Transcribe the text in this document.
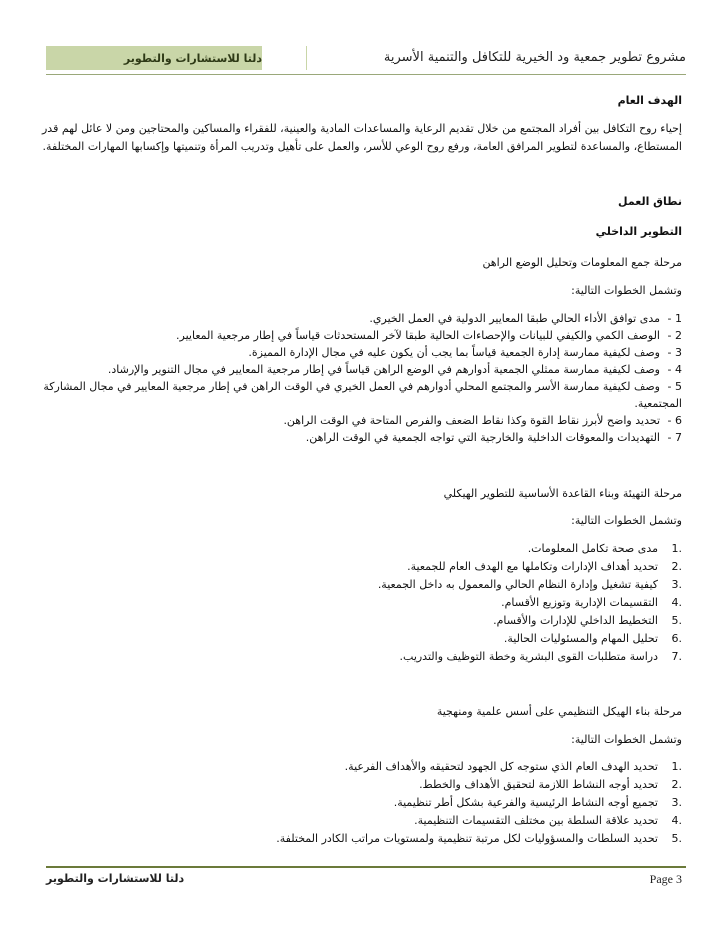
دلتا للاستشارات والتطوير	مشروع تطوير جمعية ود الخيرية للتكافل والتنمية الأسرية
الهدف العام
إحياء روح التكافل بين أفراد المجتمع من خلال تقديم الرعاية والمساعدات المادية والعينية، للفقراء والمساكين والمحتاجين ومن لا عائل لهم قدر المستطاع، والمساعدة لتطوير المرافق العامة، ورفع روح الوعي للأسر، والعمل على تأهيل وتدريب المرأة وتنميتها وإكسابها المهارات المختلفة.
نطاق العمل
التطوير الداخلي
مرحلة جمع المعلومات وتحليل الوضع الراهن
وتشمل الخطوات التالية:
1 -مدى توافق الأداء الحالي طبقا المعايير الدولية في العمل الخيري.
2 -الوصف الكمي والكيفي للبيانات والإحصاءات الحالية طبقا لآخر المستحدثات قياساً في إطار مرجعية المعايير.
3 -وصف لكيفية ممارسة إدارة الجمعية قياساً بما يجب أن يكون عليه في مجال الإدارة المميزة.
4 -وصف لكيفية ممارسة ممثلي الجمعية أدوارهم في الوضع الراهن قياساً في إطار مرجعية المعايير في مجال التنوير والإرشاد.
5 -وصف لكيفية ممارسة الأسر والمجتمع المحلي أدوارهم في العمل الخيري في الوقت الراهن في إطار مرجعية المعايير في مجال المشاركة
المجتمعية.
6 -تحديد واضح لأبرز نقاط القوة وكذا نقاط الضعف والفرص المتاحة في الوقت الراهن.
7 -التهديدات والمعوقات الداخلية والخارجية التي تواجه الجمعية في الوقت الراهن.
مرحلة التهيئة وبناء القاعدة الأساسية للتطوير الهيكلي
وتشمل الخطوات التالية:
.1مدى صحة تكامل المعلومات.
.2تحديد أهداف الإدارات وتكاملها مع الهدف العام للجمعية.
.3كيفية تشغيل وإدارة النظام الحالي والمعمول به داخل الجمعية.
.4التقسيمات الإدارية وتوزيع الأقسام.
.5التخطيط الداخلي للإدارات والأقسام.
.6تحليل المهام والمسئوليات الحالية.
.7دراسة متطلبات القوى البشرية وخطة التوظيف والتدريب.
مرحلة بناء الهيكل التنظيمي على أسس علمية ومنهجية
وتشمل الخطوات التالية:
.1تحديد الهدف العام الذي ستوجه كل الجهود لتحقيقه والأهداف الفرعية.
.2تحديد أوجه النشاط اللازمة لتحقيق الأهداف والخطط.
.3تجميع أوجه النشاط الرئيسية والفرعية بشكل أطر تنظيمية.
.4تحديد علاقة السلطة بين مختلف التقسيمات التنظيمية.
.5تحديد السلطات والمسؤوليات لكل مرتبة تنظيمية ولمستويات مراتب الكادر المختلفة.
دلتا للاستشارات والتطوير	Page 3
